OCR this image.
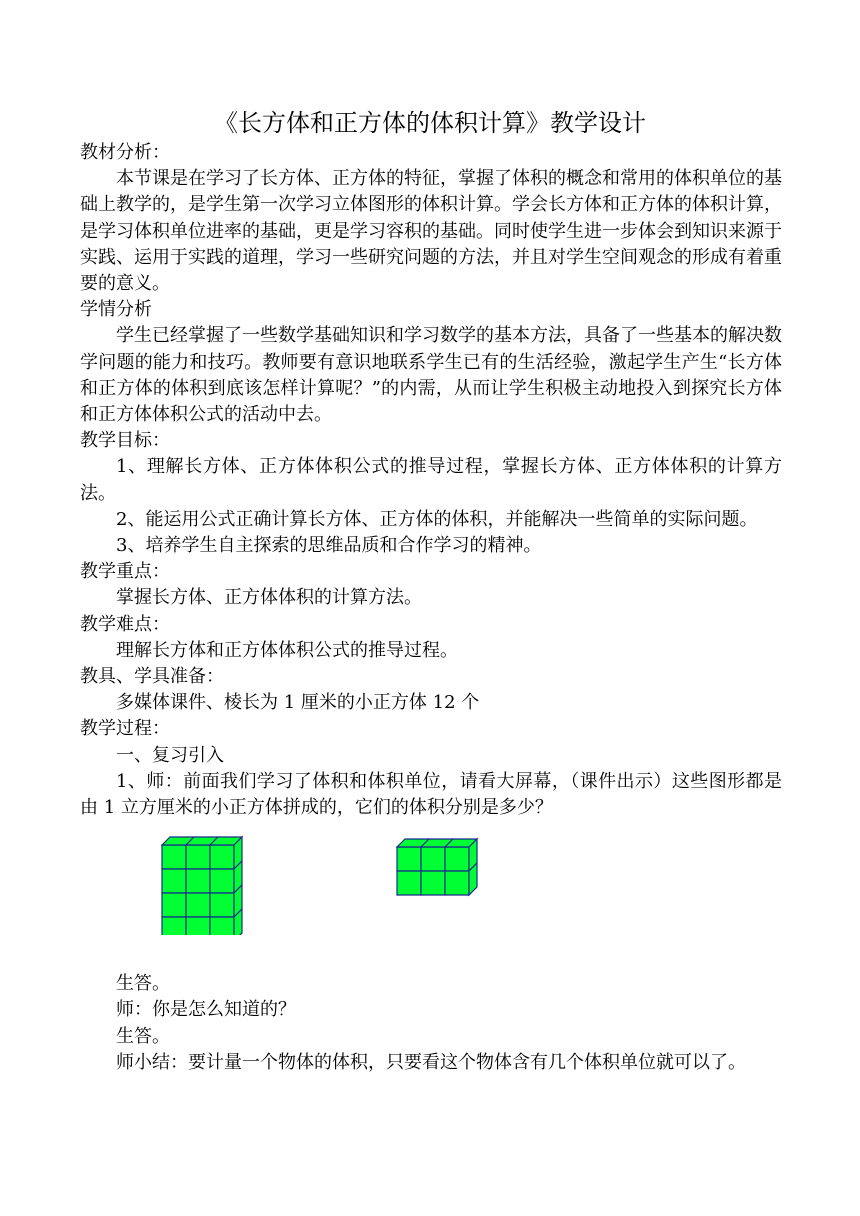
《长方体和正方体的体积计算》教学设计

教材分析：

本节课是在学习了长方体、正方体的特征，掌握了体积的概念和常用的体积单位的基础上教学的，是学生第一次学习立体图形的体积计算。学会长方体和正方体的体积计算，是学习体积单位进率的基础，更是学习容积的基础。同时使学生进一步体会到知识来源于实践、运用于实践的道理，学习一些研究问题的方法，并且对学生空间观念的形成有着重要的意义。

学情分析

学生已经掌握了一些数学基础知识和学习数学的基本方法，具备了一些基本的解决数学问题的能力和技巧。教师要有意识地联系学生已有的生活经验，激起学生产生“长方体和正方体的体积到底该怎样计算呢？”的内需，从而让学生积极主动地投入到探究长方体和正方体体积公式的活动中去。

教学目标：

1、理解长方体、正方体体积公式的推导过程，掌握长方体、正方体体积的计算方法。

2、能运用公式正确计算长方体、正方体的体积，并能解决一些简单的实际问题。

3、培养学生自主探索的思维品质和合作学习的精神。

教学重点：

掌握长方体、正方体体积的计算方法。

教学难点：

理解长方体和正方体体积公式的推导过程。

教具、学具准备：

多媒体课件、棱长为 1 厘米的小正方体 12 个

教学过程：

一、复习引入

1、师：前面我们学习了体积和体积单位，请看大屏幕，（课件出示）这些图形都是由 1 立方厘米的小正方体拼成的，它们的体积分别是多少？

生答。

师：你是怎么知道的？

生答。

师小结：要计量一个物体的体积，只要看这个物体含有几个体积单位就可以了。
